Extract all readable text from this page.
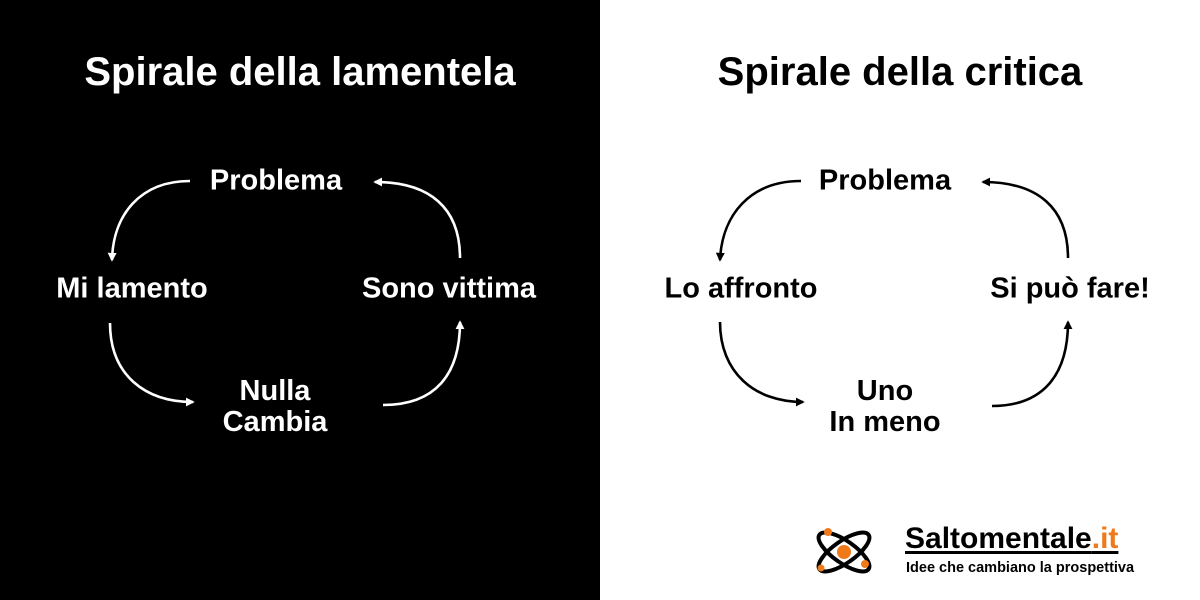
Spirale della lamentela
Problema
Mi lamento	Sono vittima
Nulla
Cambia
Spirale della critica
Problema
Lo affronto	Si può fare!
Uno
In meno
Saltomentale.it
Idee che cambiano la prospettiva
